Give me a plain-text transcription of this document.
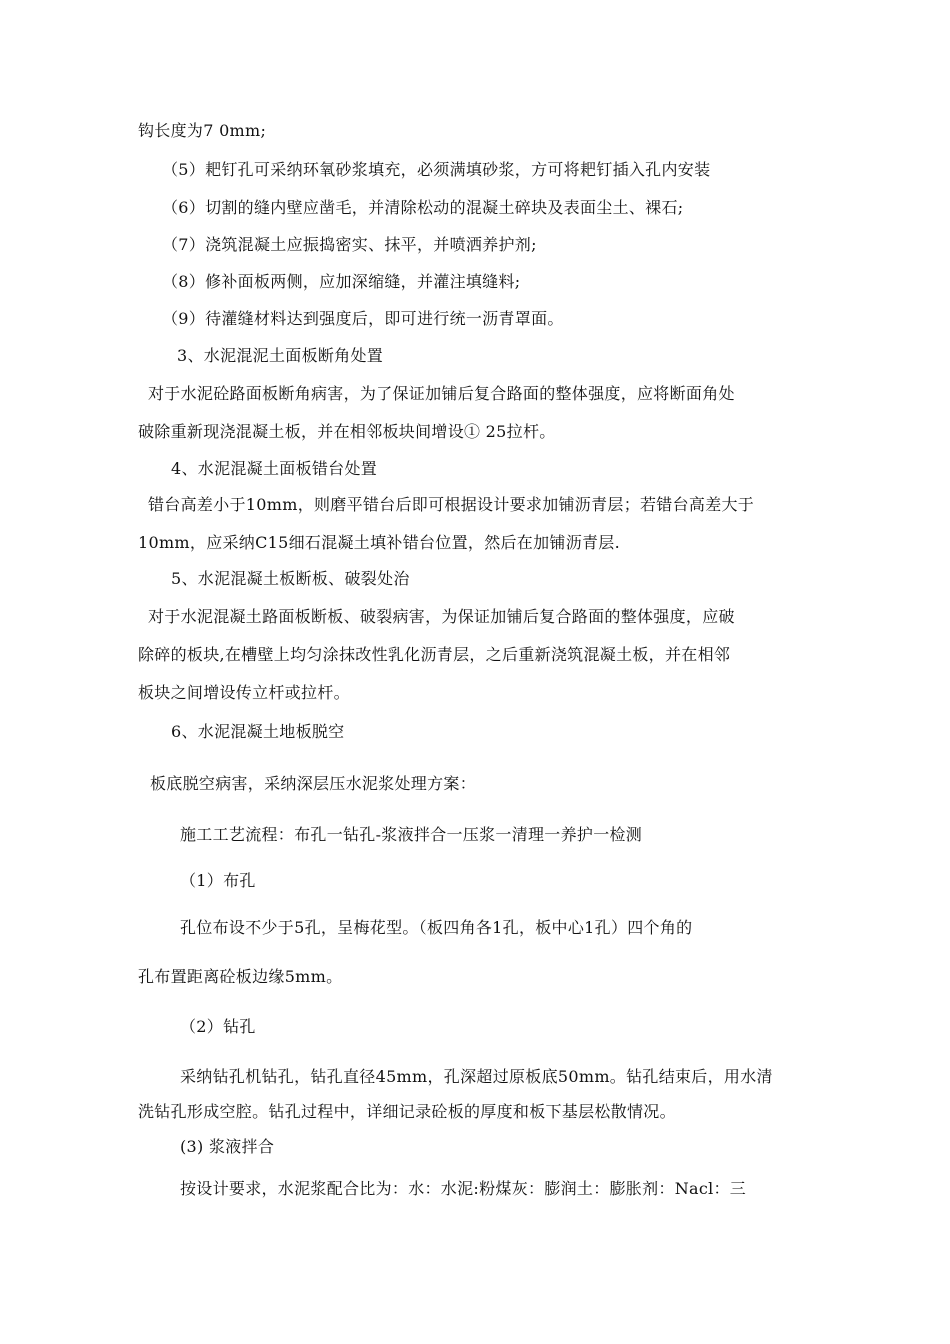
钩长度为7 0mm;
（5）耙钉孔可采纳环氧砂浆填充，必须满填砂浆，方可将耙钉插入孔内安装
（6）切割的缝内壁应凿毛，并清除松动的混凝土碎块及表面尘土、裸石;
（7）浇筑混凝土应振捣密实、抹平，并喷洒养护剂;
（8）修补面板两侧，应加深缩缝，并灌注填缝料;
（9）待灌缝材料达到强度后，即可进行统一沥青罩面。
3、水泥混泥土面板断角处置
对于水泥砼路面板断角病害，为了保证加铺后复合路面的整体强度，应将断面角处
破除重新现浇混凝土板，并在相邻板块间增设① 25拉杆。
4、水泥混凝土面板错台处置
错台高差小于10mm，则磨平错台后即可根据设计要求加铺沥青层；若错台高差大于
10mm，应采纳C15细石混凝土填补错台位置，然后在加铺沥青层.
5、水泥混凝土板断板、破裂处治
对于水泥混凝土路面板断板、破裂病害，为保证加铺后复合路面的整体强度，应破
除碎的板块,在槽壁上均匀涂抹改性乳化沥青层，之后重新浇筑混凝土板，并在相邻
板块之间增设传立杆或拉杆。
6、水泥混凝土地板脱空
板底脱空病害，采纳深层压水泥浆处理方案：
施工工艺流程：布孔一钻孔-浆液拌合一压浆一清理一养护一检测
（1）布孔
孔位布设不少于5孔，呈梅花型。（板四角各1孔，板中心1孔）四个角的
孔布置距离砼板边缘5mm。
（2）钻孔
采纳钻孔机钻孔，钻孔直径45mm，孔深超过原板底50mm。钻孔结束后，用水清
洗钻孔形成空腔。钻孔过程中，详细记录砼板的厚度和板下基层松散情况。
(3) 浆液拌合
按设计要求，水泥浆配合比为：水：水泥:粉煤灰：膨润土：膨胀剂：Nacl：三
